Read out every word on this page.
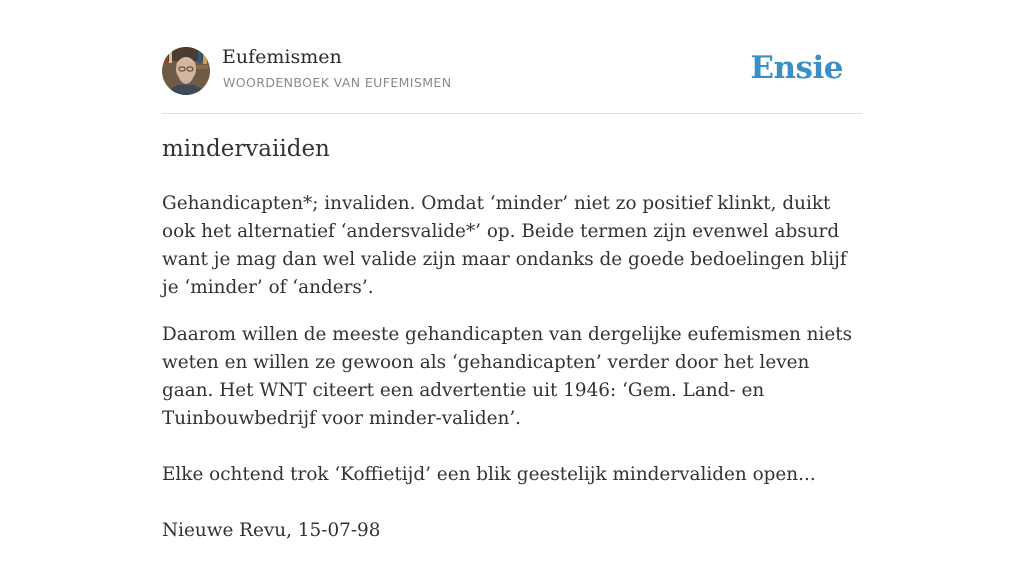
Eufemismen
WOORDENBOEK VAN EUFEMISMEN	Ensie
mindervaiiden

Gehandicapten*; invaliden. Omdat ‘minder’ niet zo positief klinkt, duikt ook het alternatief ‘andersvalide*’ op. Beide termen zijn evenwel absurd want je mag dan wel valide zijn maar ondanks de goede bedoelingen blijf je ‘minder’ of ‘anders’.

Daarom willen de meeste gehandicapten van dergelijke eufemismen niets weten en willen ze gewoon als ‘gehandicapten’ verder door het leven gaan. Het WNT citeert een advertentie uit 1946: ‘Gem. Land- en Tuinbouwbedrijf voor minder-validen’.

Elke ochtend trok ‘Koffietijd’ een blik geestelijk mindervaliden open...

Nieuwe Revu, 15-07-98
